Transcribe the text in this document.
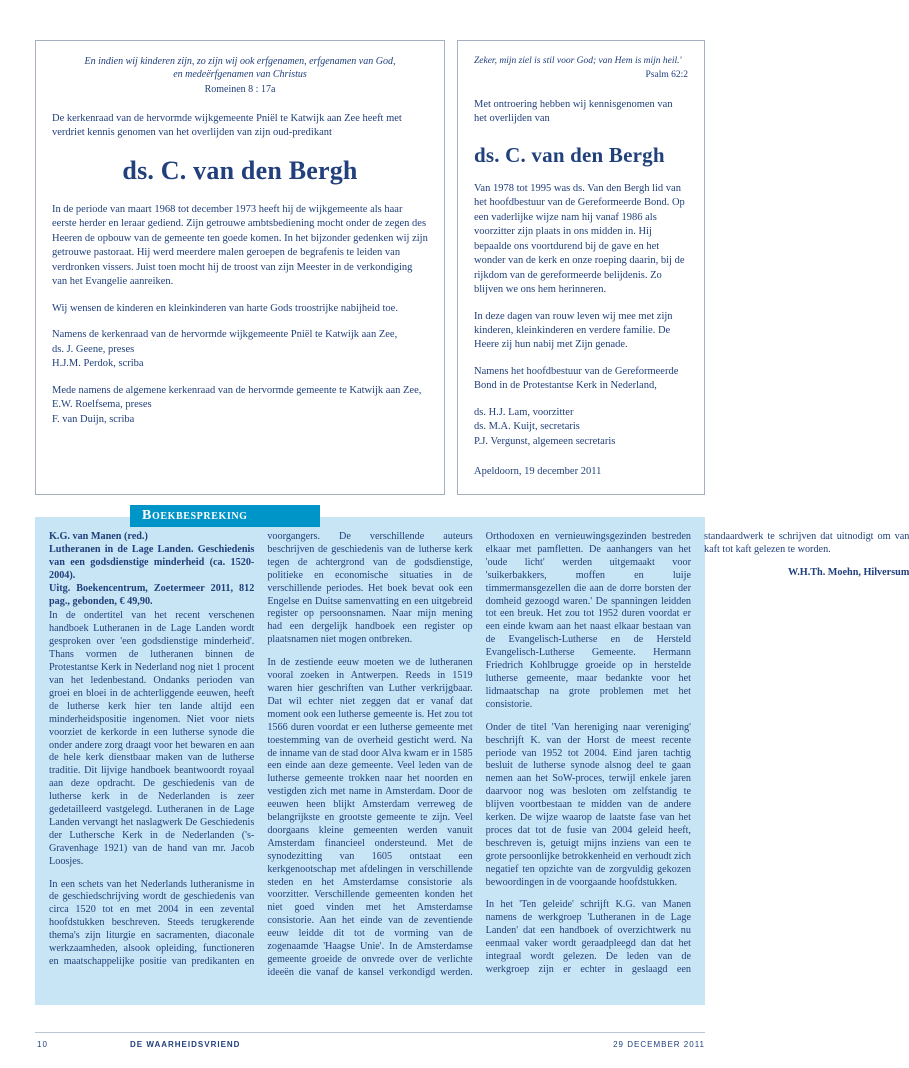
En indien wij kinderen zijn, zo zijn wij ook erfgenamen, erfgenamen van God,
en medeërfgenamen van Christus
Romeinen 8 : 17a

De kerkenraad van de hervormde wijkgemeente Pniël te Katwijk aan Zee heeft met verdriet kennis genomen van het overlijden van zijn oud-predikant

ds. C. van den Bergh

In de periode van maart 1968 tot december 1973 heeft hij de wijkgemeente als haar eerste herder en leraar gediend. Zijn getrouwe ambtsbediening mocht onder de zegen des Heeren de opbouw van de gemeente ten goede komen. In het bijzonder gedenken wij zijn getrouwe pastoraat. Hij werd meerdere malen geroepen de begrafenis te leiden van verdronken vissers. Juist toen mocht hij de troost van zijn Meester in de verkondiging van het Evangelie aanreiken.

Wij wensen de kinderen en kleinkinderen van harte Gods troostrijke nabijheid toe.

Namens de kerkenraad van de hervormde wijkgemeente Pniël te Katwijk aan Zee,
ds. J. Geene, preses
H.J.M. Perdok, scriba
Mede namens de algemene kerkenraad van de hervormde gemeente te Katwijk aan Zee,
E.W. Roelfsema, preses
F. van Duijn, scriba
Zeker, mijn ziel is stil voor God; van Hem is mijn heil.'
Psalm 62:2

Met ontroering hebben wij kennisgenomen van het overlijden van

ds. C. van den Bergh

Van 1978 tot 1995 was ds. Van den Bergh lid van het hoofdbestuur van de Gereformeerde Bond. Op een vaderlijke wijze nam hij vanaf 1986 als voorzitter zijn plaats in ons midden in. Hij bepaalde ons voortdurend bij de gave en het wonder van de kerk en onze roeping daarin, bij de rijkdom van de gereformeerde belijdenis. Zo blijven we ons hem herinneren.

In deze dagen van rouw leven wij mee met zijn kinderen, kleinkinderen en verdere familie. De Heere zij hun nabij met Zijn genade.

Namens het hoofdbestuur van de Gereformeerde Bond in de Protestantse Kerk in Nederland,
ds. H.J. Lam, voorzitter
ds. M.A. Kuijt, secretaris
P.J. Vergunst, algemeen secretaris
Apeldoorn, 19 december 2011
Boekbespreking

K.G. van Manen (red.)

Lutheranen in de Lage Landen. Geschiedenis van een godsdienstige minderheid (ca. 1520-2004).

Uitg. Boekencentrum, Zoetermeer 2011, 812 pag., gebonden, € 49,90.

In de ondertitel van het recent verschenen handboek Lutheranen in de Lage Landen wordt gesproken over 'een godsdienstige minderheid'. Thans vormen de lutheranen binnen de Protestantse Kerk in Nederland nog niet 1 procent van het ledenbestand. Ondanks perioden van groei en bloei in de achterliggende eeuwen, heeft de lutherse kerk hier ten lande altijd een minderheidspositie ingenomen. Niet voor niets voorziet de kerkorde in een lutherse synode die onder andere zorg draagt voor het bewaren en aan de hele kerk dienstbaar maken van de lutherse traditie. Dit lijvige handboek beantwoordt royaal aan deze opdracht. De geschiedenis van de lutherse kerk in de Nederlanden is zeer gedetailleerd vastgelegd. Lutheranen in de Lage Landen vervangt het naslagwerk De Geschiedenis der Luthersche Kerk in de Nederlanden ('s-Gravenhage 1921) van de hand van mr. Jacob Loosjes.

In een schets van het Nederlands lutheranisme in de geschiedschrijving wordt de geschiedenis van circa 1520 tot en met 2004 in een zevental hoofdstukken beschreven. Steeds terugkerende thema's zijn liturgie en sacramenten, diaconale werkzaamheden, alsook opleiding, functioneren en maatschappelijke positie van predikanten en voorgangers. De verschillende auteurs beschrijven de geschiedenis van de lutherse kerk tegen de achtergrond van de godsdienstige, politieke en economische situaties in de verschillende periodes. Het boek bevat ook een Engelse en Duitse samenvatting en een uitgebreid register op persoonsnamen. Naar mijn mening had een dergelijk handboek een register op plaatsnamen niet mogen ontbreken.

In de zestiende eeuw moeten we de lutheranen vooral zoeken in Antwerpen. Reeds in 1519 waren hier geschriften van Luther verkrijgbaar. Dat wil echter niet zeggen dat er vanaf dat moment ook een lutherse gemeente is. Het zou tot 1566 duren voordat er een lutherse gemeente met toestemming van de overheid gesticht werd. Na de inname van de stad door Alva kwam er in 1585 een einde aan deze gemeente. Veel leden van de lutherse gemeente trokken naar het noorden en vestigden zich met name in Amsterdam. Door de eeuwen heen blijkt Amsterdam verreweg de belangrijkste en grootste gemeente te zijn. Veel doorgaans kleine gemeenten werden vanuit Amsterdam financieel ondersteund. Met de synodezitting van 1605 ontstaat een kerkgenootschap met afdelingen in verschillende steden en het Amsterdamse consistorie als voorzitter. Verschillende gemeenten konden het niet goed vinden met het Amsterdamse consistorie. Aan het einde van de zeventiende eeuw leidde dit tot de vorming van de zogenaamde 'Haagse Unie'. In de Amsterdamse gemeente groeide de onvrede over de verlichte ideeën die vanaf de kansel verkondigd werden. Orthodoxen en vernieuwingsgezinden bestreden elkaar met pamfletten. De aanhangers van het 'oude licht' werden uitgemaakt voor 'suikerbakkers, moffen en luije timmermansgezellen die aan de dorre borsten der domheid gezoogd waren.' De spanningen leidden tot een breuk. Het zou tot 1952 duren voordat er een einde kwam aan het naast elkaar bestaan van de Evangelisch-Lutherse en de Hersteld Evangelisch-Lutherse Gemeente. Hermann Friedrich Kohlbrugge groeide op in herstelde lutherse gemeente, maar bedankte voor het lidmaatschap na grote problemen met het consistorie.

Onder de titel 'Van hereniging naar vereniging' beschrijft K. van der Horst de meest recente periode van 1952 tot 2004. Eind jaren tachtig besluit de lutherse synode alsnog deel te gaan nemen aan het SoW-proces, terwijl enkele jaren daarvoor nog was besloten om zelfstandig te blijven voortbestaan te midden van de andere kerken. De wijze waarop de laatste fase van het proces dat tot de fusie van 2004 geleid heeft, beschreven is, getuigt mijns inziens van een te grote persoonlijke betrokkenheid en verhoudt zich negatief ten opzichte van de zorgvuldig gekozen bewoordingen in de voorgaande hoofdstukken.

In het 'Ten geleide' schrijft K.G. van Manen namens de werkgroep 'Lutheranen in de Lage Landen' dat een handboek of overzichtwerk nu eenmaal vaker wordt geraadpleegd dan dat het integraal wordt gelezen. De leden van de werkgroep zijn er echter in geslaagd een standaardwerk te schrijven dat uitnodigt om van kaft tot kaft gelezen te worden.

W.H.Th. Moehn, Hilversum

10	DE WAARHEIDSVRIEND	29 DECEMBER 2011
